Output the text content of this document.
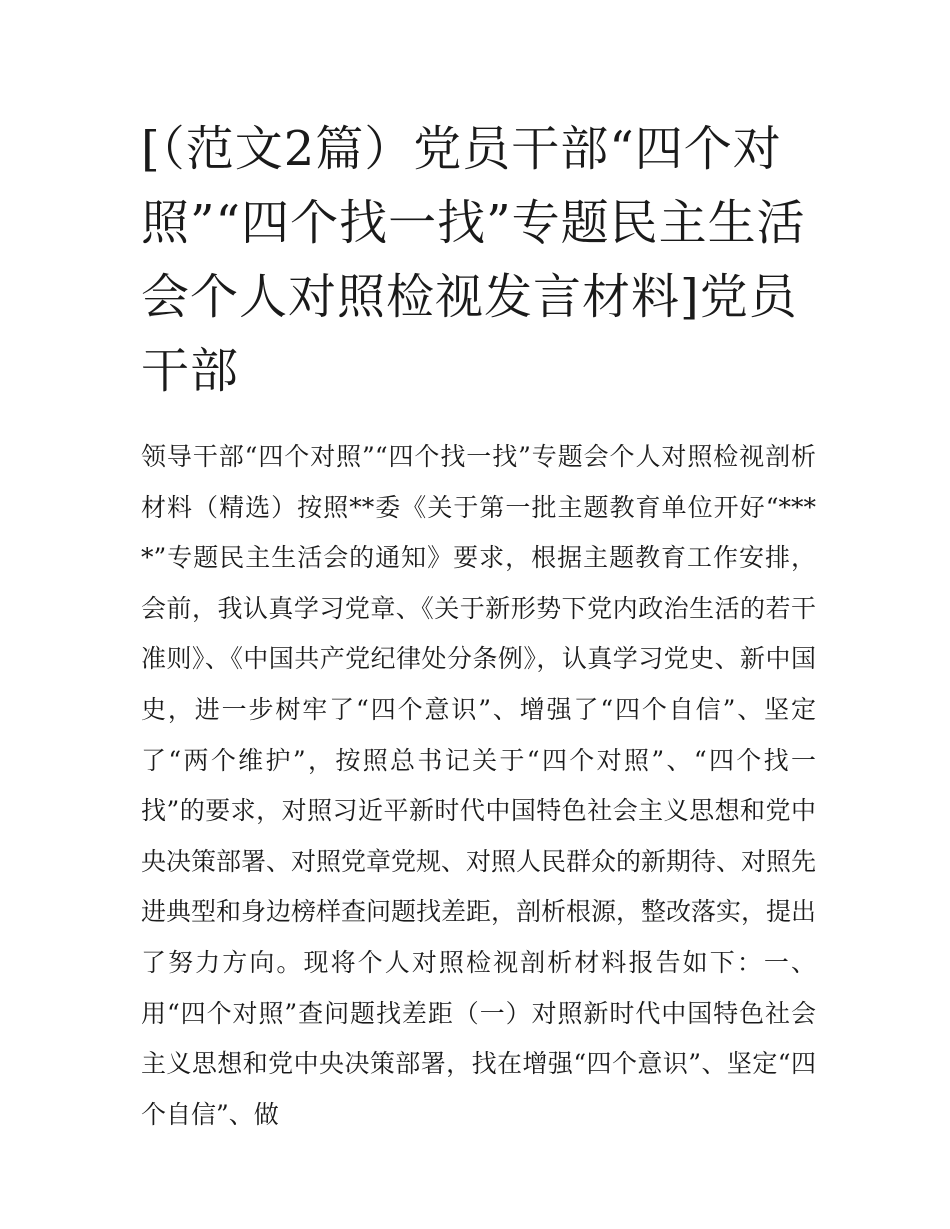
[（范文2篇）党员干部“四个对照”“四个找一找”专题民主生活会个人对照检视发言材料]党员干部

领导干部“四个对照”“四个找一找”专题会个人对照检视剖析材料（精选）按照**委《关于第一批主题教育单位开好“****”专题民主生活会的通知》要求，根据主题教育工作安排，会前，我认真学习党章、《关于新形势下党内政治生活的若干准则》、《中国共产党纪律处分条例》，认真学习党史、新中国史，进一步树牢了“四个意识”、增强了“四个自信”、坚定了“两个维护”，按照总书记关于“四个对照”、“四个找一找”的要求，对照习近平新时代中国特色社会主义思想和党中央决策部署、对照党章党规、对照人民群众的新期待、对照先进典型和身边榜样查问题找差距，剖析根源，整改落实，提出了努力方向。现将个人对照检视剖析材料报告如下：一、用“四个对照”查问题找差距（一）对照新时代中国特色社会主义思想和党中央决策部署，找在增强“四个意识”、坚定“四个自信”、做
